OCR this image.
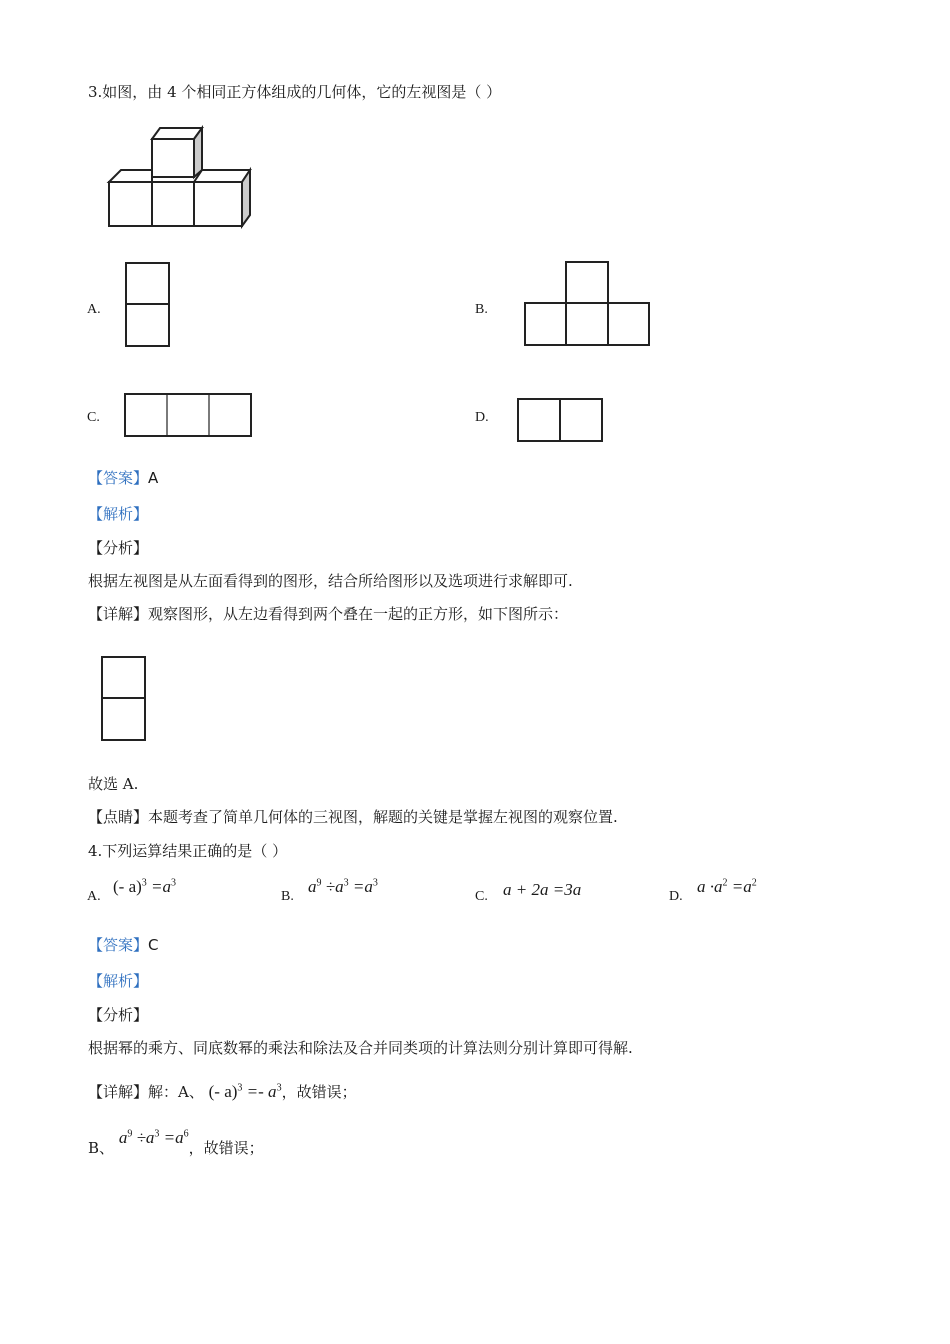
3.如图，由 4 个相同正方体组成的几何体，它的左视图是（ ）
A.	B.
C.	D.
【答案】A
【解析】
【分析】
根据左视图是从左面看得到的图形，结合所给图形以及选项进行求解即可.
【详解】观察图形，从左边看得到两个叠在一起的正方形，如下图所示：
故选 A.
【点睛】本题考查了简单几何体的三视图，解题的关键是掌握左视图的观察位置.
4.下列运算结果正确的是（ ）
A.
(- $a)^3 =a^3$
B.
$a^9 \div a^3 =a^3$
C. a + 2a =3a	D.
$a \cdot a^2 =a^2$
【答案】C
【解析】
【分析】
根据幂的乘方、同底数幂的乘法和除法及合并同类项的计算法则分别计算即可得解.
【详解】解：A、 (- $a)^3 =- a^3$，故错误；
B、 $a^9 \div a^3 =a^6$，故错误；
